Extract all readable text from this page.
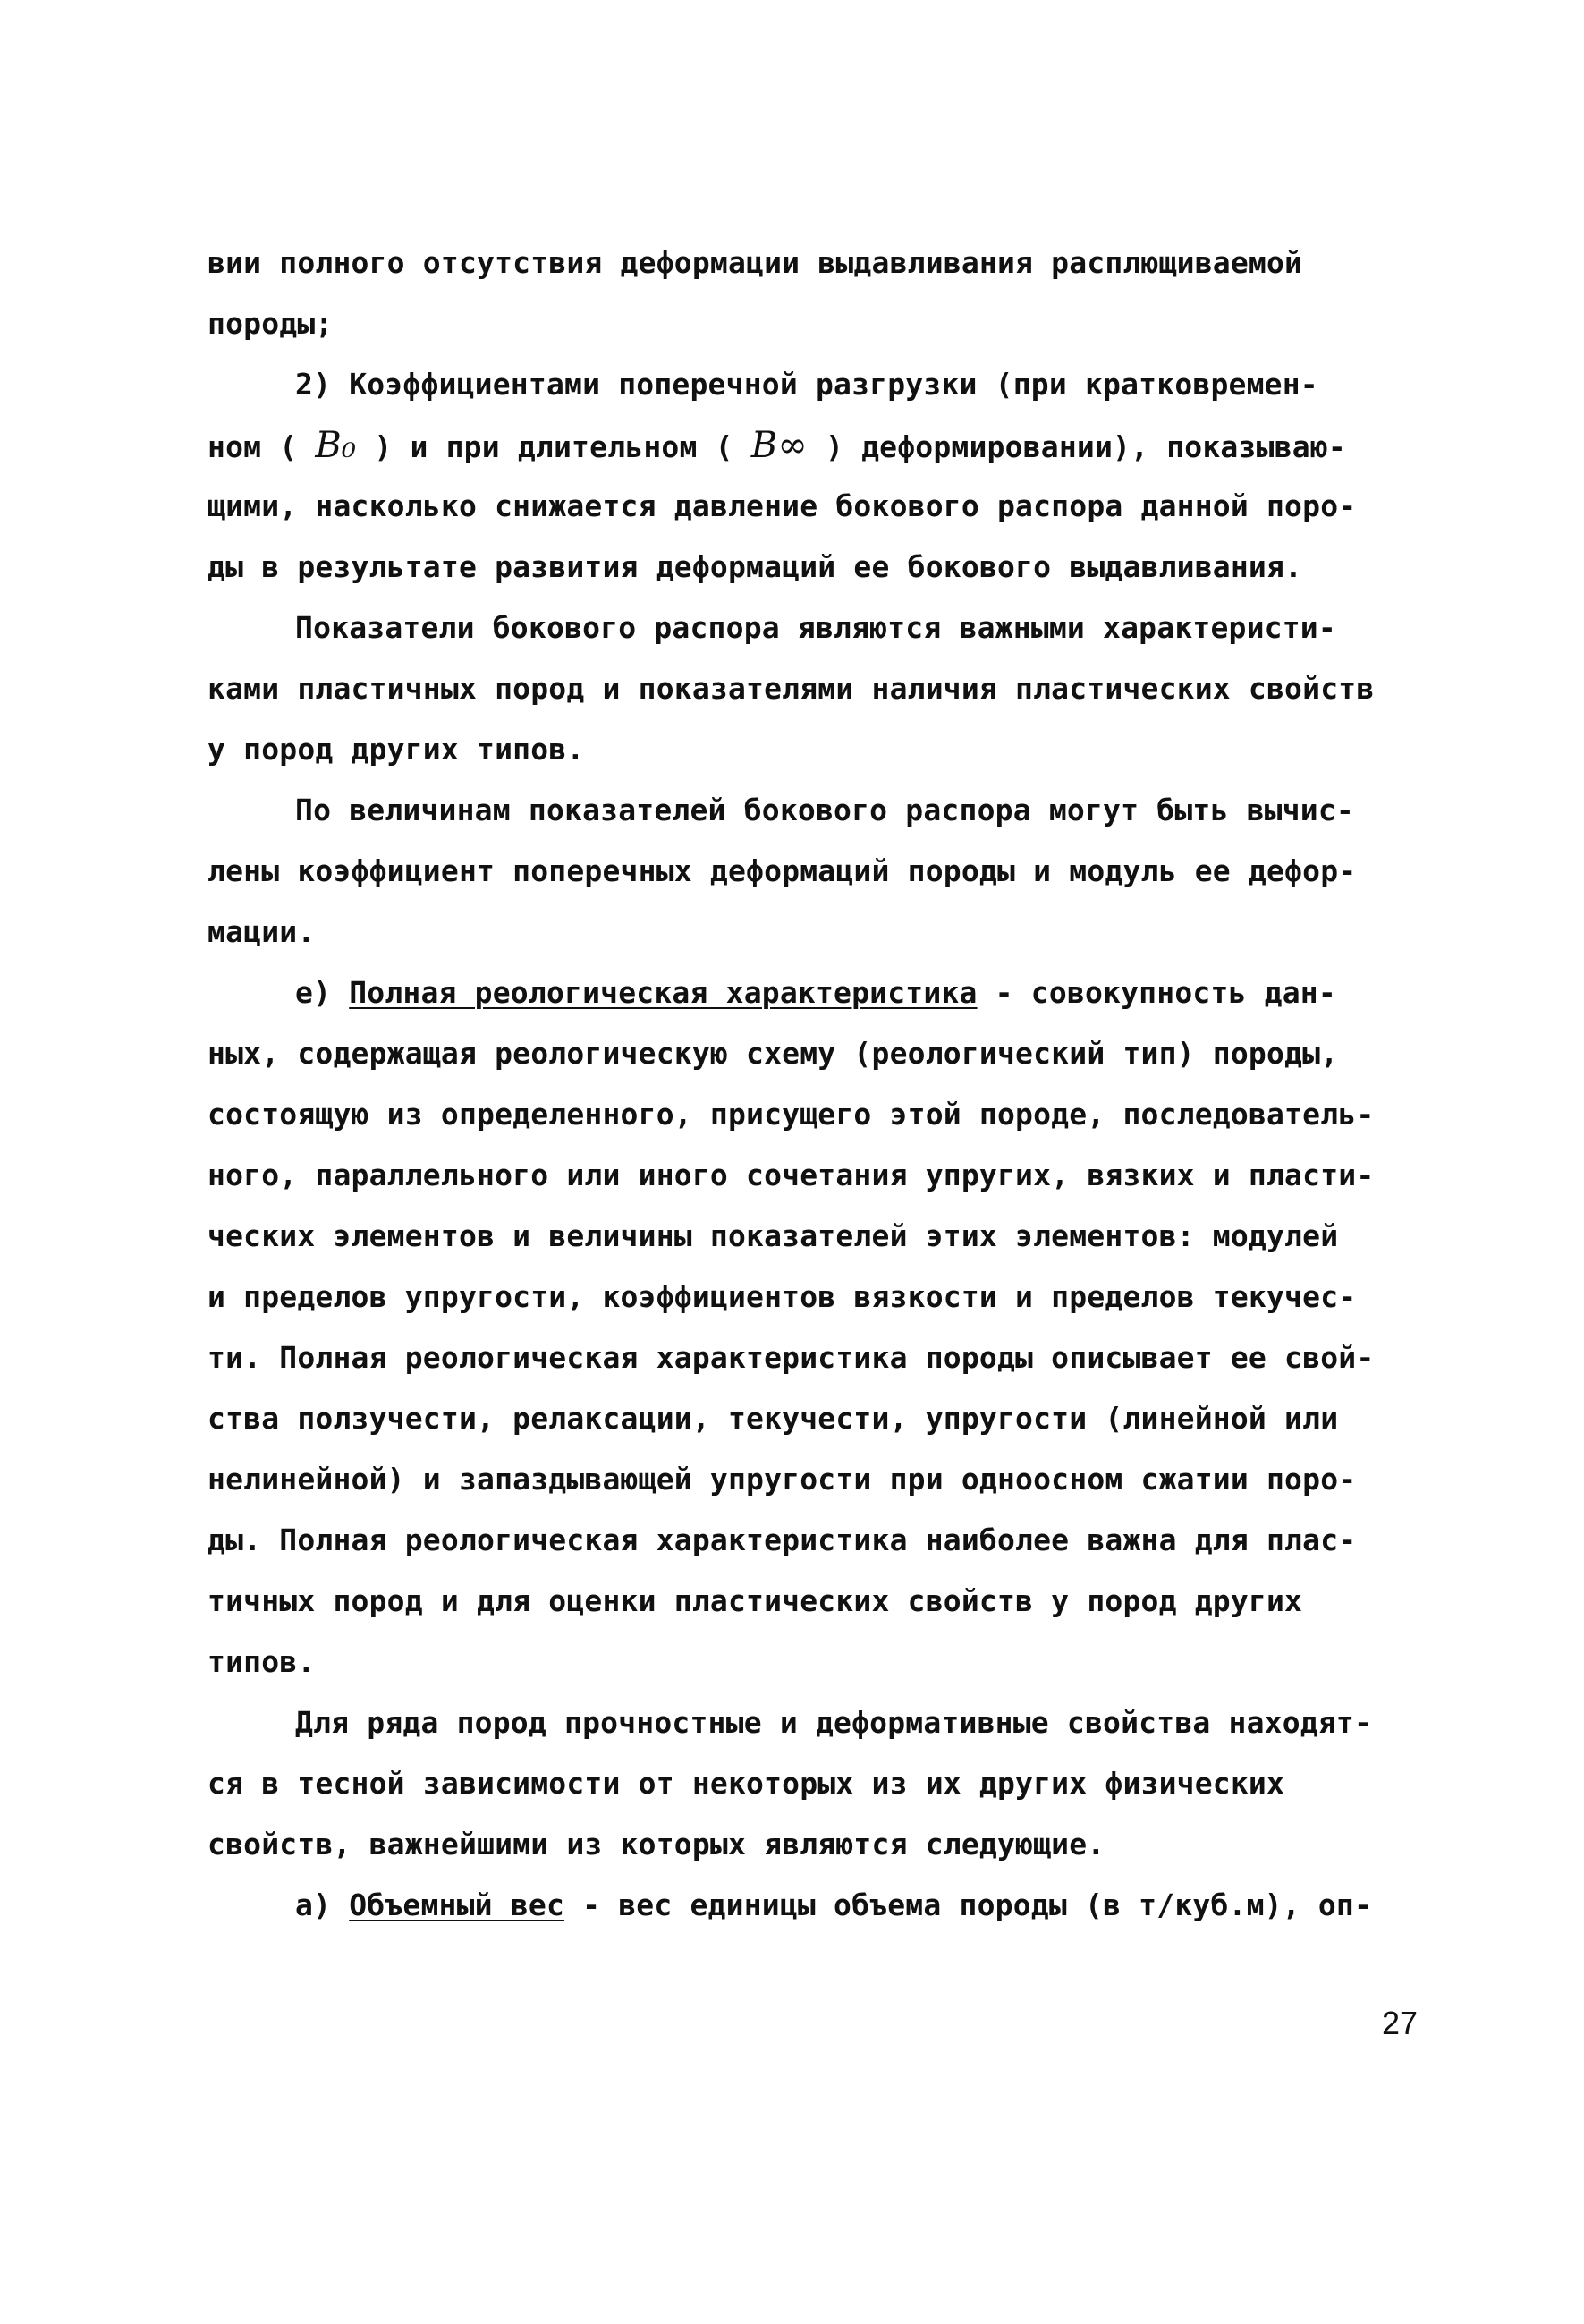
вии полного отсутствия деформации выдавливания расплющиваемой
породы;
2) Коэффициентами поперечной разгрузки (при кратковремен-
ном ( B₀ ) и при длительном ( B∞ ) деформировании), показываю-
щими, насколько снижается давление бокового распора данной поро-
ды в результате развития деформаций ее бокового выдавливания.
Показатели бокового распора являются важными характеристи-
ками пластичных пород и показателями наличия пластических свойств
у пород других типов.
По величинам показателей бокового распора могут быть вычис-
лены коэффициент поперечных деформаций породы и модуль ее дефор-
мации.
е) Полная реологическая характеристика - совокупность дан-
ных, содержащая реологическую схему (реологический тип) породы,
состоящую из определенного, присущего этой породе, последователь-
ного, параллельного или иного сочетания упругих, вязких и пласти-
ческих элементов и величины показателей этих элементов: модулей
и пределов упругости, коэффициентов вязкости и пределов текучес-
ти. Полная реологическая характеристика породы описывает ее свой-
ства ползучести, релаксации, текучести, упругости (линейной или
нелинейной) и запаздывающей упругости при одноосном сжатии поро-
ды. Полная реологическая характеристика наиболее важна для плас-
тичных пород и для оценки пластических свойств у пород других
типов.
Для ряда пород прочностные и деформативные свойства находят-
ся в тесной зависимости от некоторых из их других физических
свойств, важнейшими из которых являются следующие.
а) Объемный вес - вес единицы объема породы (в т/куб.м), оп-
27
